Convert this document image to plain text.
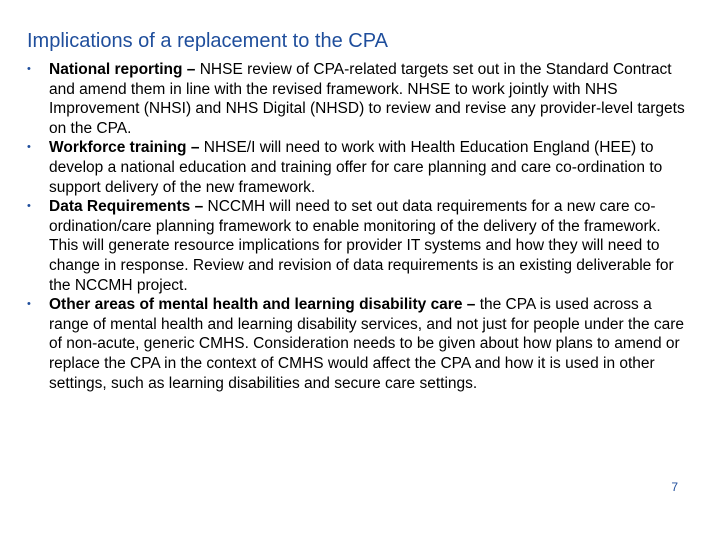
Implications of a replacement to the CPA
• National reporting – NHSE review of CPA-related targets set out in the Standard Contract and amend them in line with the revised framework. NHSE to work jointly with NHS Improvement (NHSI) and NHS Digital (NHSD) to review and revise any provider-level targets on the CPA.
• Workforce training – NHSE/I will need to work with Health Education England (HEE) to develop a national education and training offer for care planning and care co-ordination to support delivery of the new framework.
• Data Requirements – NCCMH will need to set out data requirements for a new care co-ordination/care planning framework to enable monitoring of the delivery of the framework. This will generate resource implications for provider IT systems and how they will need to change in response. Review and revision of data requirements is an existing deliverable for the NCCMH project.
• Other areas of mental health and learning disability care – the CPA is used across a range of mental health and learning disability services, and not just for people under the care of non-acute, generic CMHS. Consideration needs to be given about how plans to amend or replace the CPA in the context of CMHS would affect the CPA and how it is used in other settings, such as learning disabilities and secure care settings.
7
